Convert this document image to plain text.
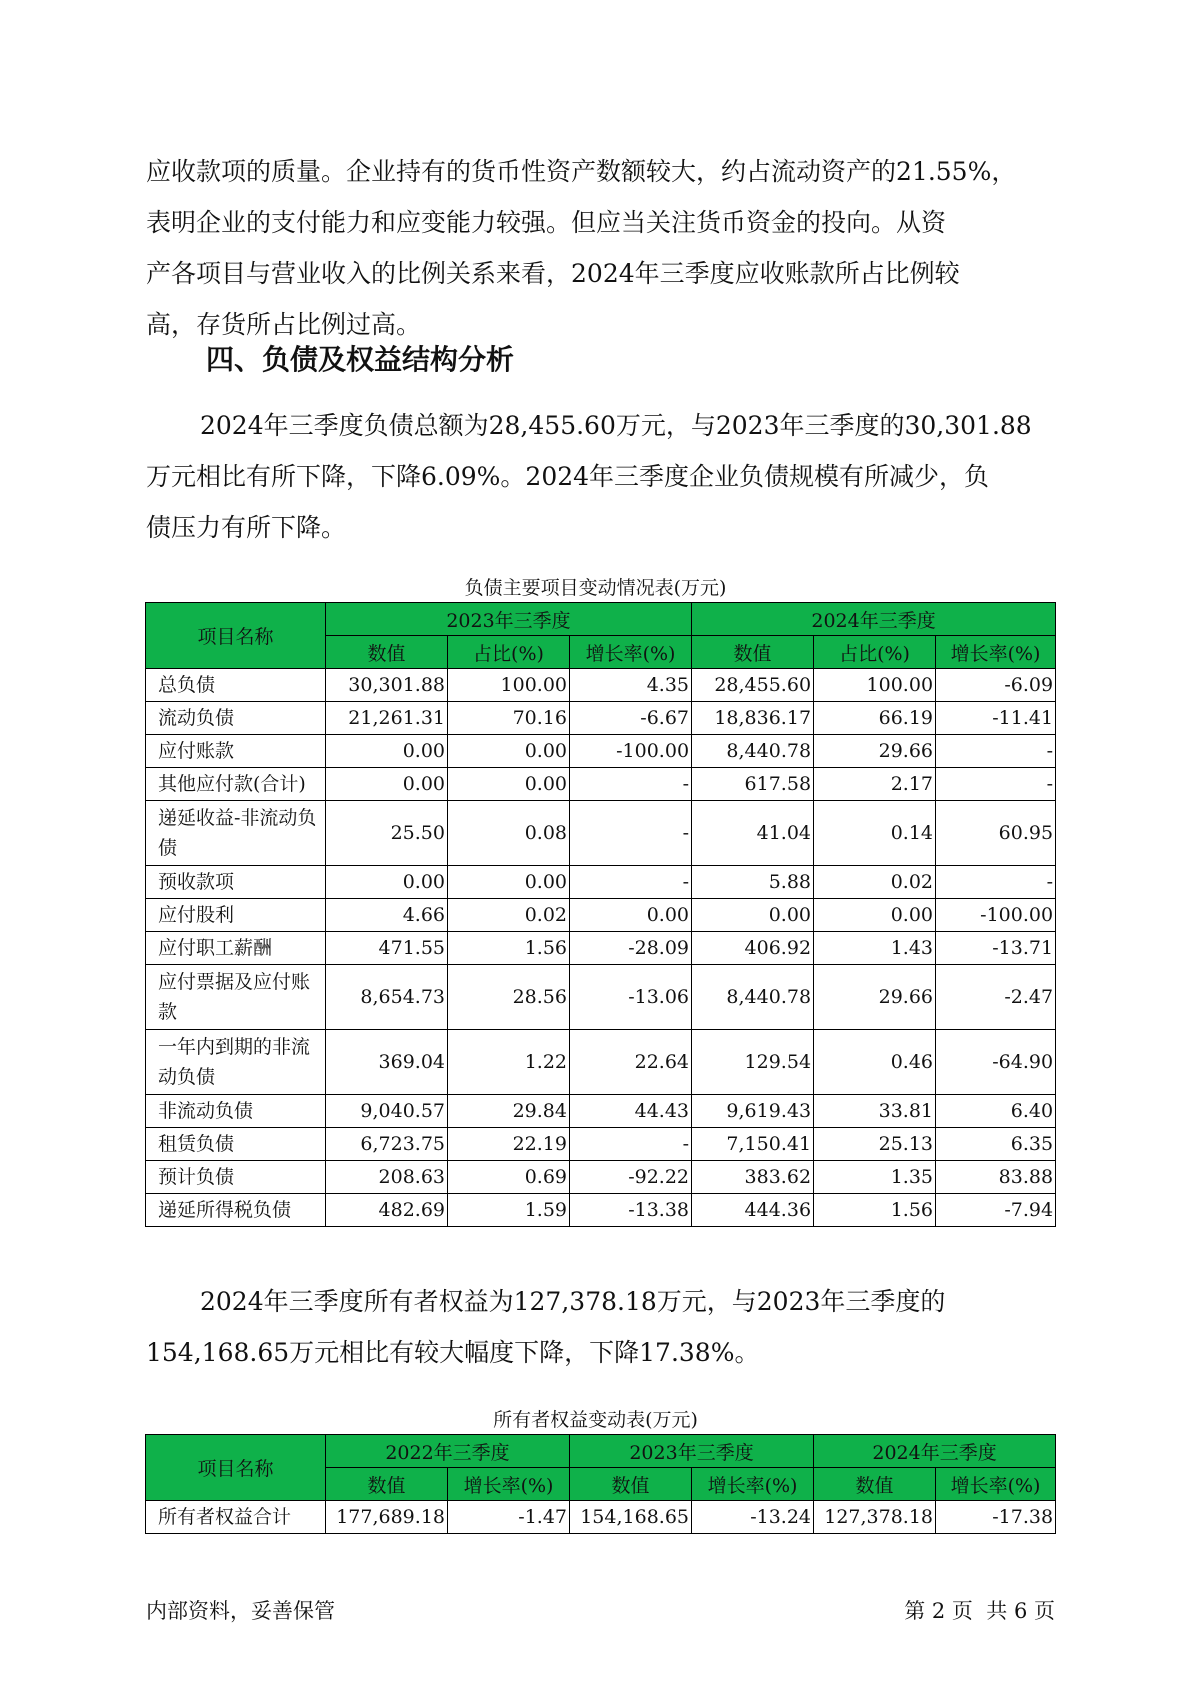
应收款项的质量。企业持有的货币性资产数额较大，约占流动资产的21.55%，
表明企业的支付能力和应变能力较强。但应当关注货币资金的投向。从资
产各项目与营业收入的比例关系来看，2024年三季度应收账款所占比例较
高，存货所占比例过高。
四、负债及权益结构分析
2024年三季度负债总额为28,455.60万元，与2023年三季度的30,301.88
万元相比有所下降，下降6.09%。2024年三季度企业负债规模有所减少，负
债压力有所下降。
负债主要项目变动情况表(万元)
项目名称	2023年三季度			2024年三季度		
	数值	占比(%)	增长率(%)	数值	占比(%)	增长率(%)
总负债	30,301.88	100.00	4.35	28,455.60	100.00	-6.09
流动负债	21,261.31	70.16	-6.67	18,836.17	66.19	-11.41
应付账款	0.00	0.00	-100.00	8,440.78	29.66	-
其他应付款(合计)	0.00	0.00	-	617.58	2.17	-
递延收益-非流动负债	25.50	0.08	-	41.04	0.14	60.95
预收款项	0.00	0.00	-	5.88	0.02	-
应付股利	4.66	0.02	0.00	0.00	0.00	-100.00
应付职工薪酬	471.55	1.56	-28.09	406.92	1.43	-13.71
应付票据及应付账款	8,654.73	28.56	-13.06	8,440.78	29.66	-2.47
一年内到期的非流动负债	369.04	1.22	22.64	129.54	0.46	-64.90
非流动负债	9,040.57	29.84	44.43	9,619.43	33.81	6.40
租赁负债	6,723.75	22.19	-	7,150.41	25.13	6.35
预计负债	208.63	0.69	-92.22	383.62	1.35	83.88
递延所得税负债	482.69	1.59	-13.38	444.36	1.56	-7.94
2024年三季度所有者权益为127,378.18万元，与2023年三季度的
154,168.65万元相比有较大幅度下降，下降17.38%。
所有者权益变动表(万元)
项目名称	2022年三季度		2023年三季度		2024年三季度	
	数值	增长率(%)	数值	增长率(%)	数值	增长率(%)
所有者权益合计	177,689.18	-1.47	154,168.65	-13.24	127,378.18	-17.38
内部资料，妥善保管	第 2 页  共 6 页
